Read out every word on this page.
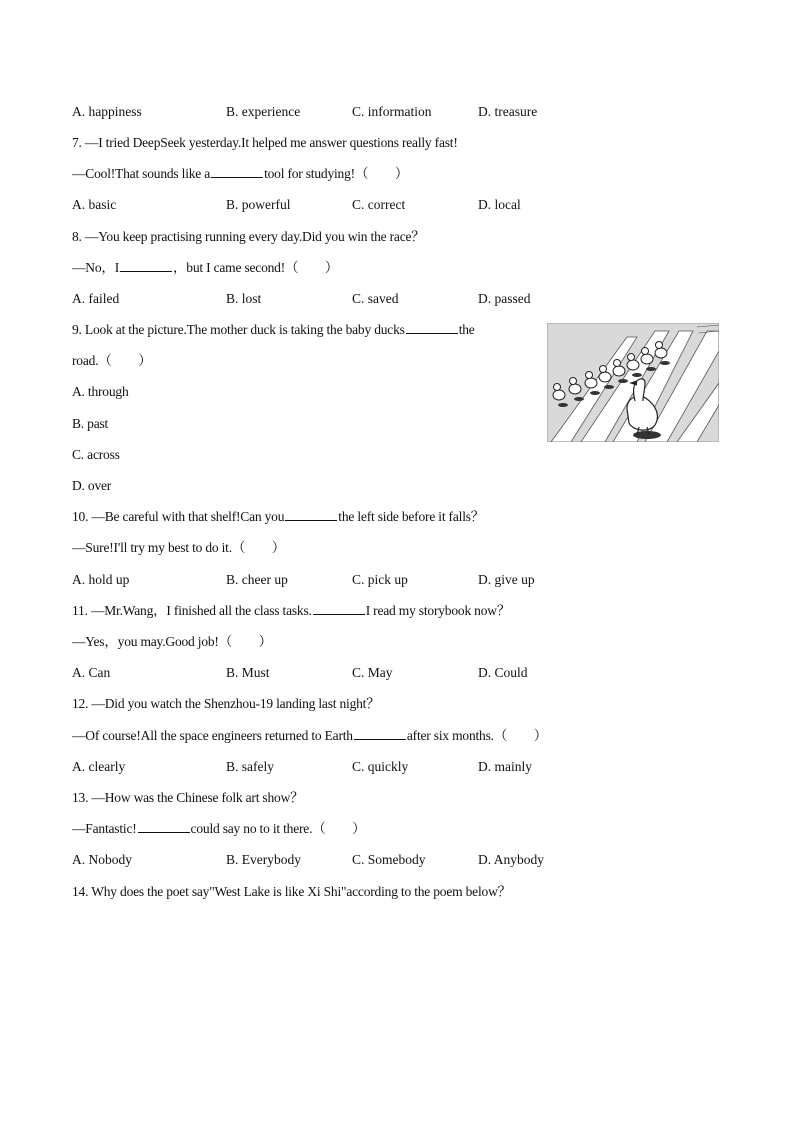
A. happiness	B. experience	C. information	D. treasure
7. —I tried DeepSeek yesterday.It helped me answer questions really fast!
—Cool!That sounds like a	tool for studying!（　　）
A. basic	B. powerful	C. correct	D. local
8. —You keep practising running every day.Did you win the race？
—No，I	，but I came second!（　　）
A. failed	B. lost	C. saved	D. passed
9. Look at the picture.The mother duck is taking the baby ducks	the
road.（　　）
A. through
B. past
C. across
D. over
10. —Be careful with that shelf!Can you	the left side before it falls？
—Sure!I'll try my best to do it.（　　）
A. hold up	B. cheer up	C. pick up	D. give up
11. —Mr.Wang，I finished all the class tasks.	I read my storybook now？
—Yes，you may.Good job!（　　）
A. Can	B. Must	C. May	D. Could
12. —Did you watch the Shenzhou-19 landing last night？
—Of course!All the space engineers returned to Earth	after six months.（　　）
A. clearly	B. safely	C. quickly	D. mainly
13. —How was the Chinese folk art show？
—Fantastic!	could say no to it there.（　　）
A. Nobody	B. Everybody	C. Somebody	D. Anybody
14. Why does the poet say"West Lake is like Xi Shi"according to the poem below？
